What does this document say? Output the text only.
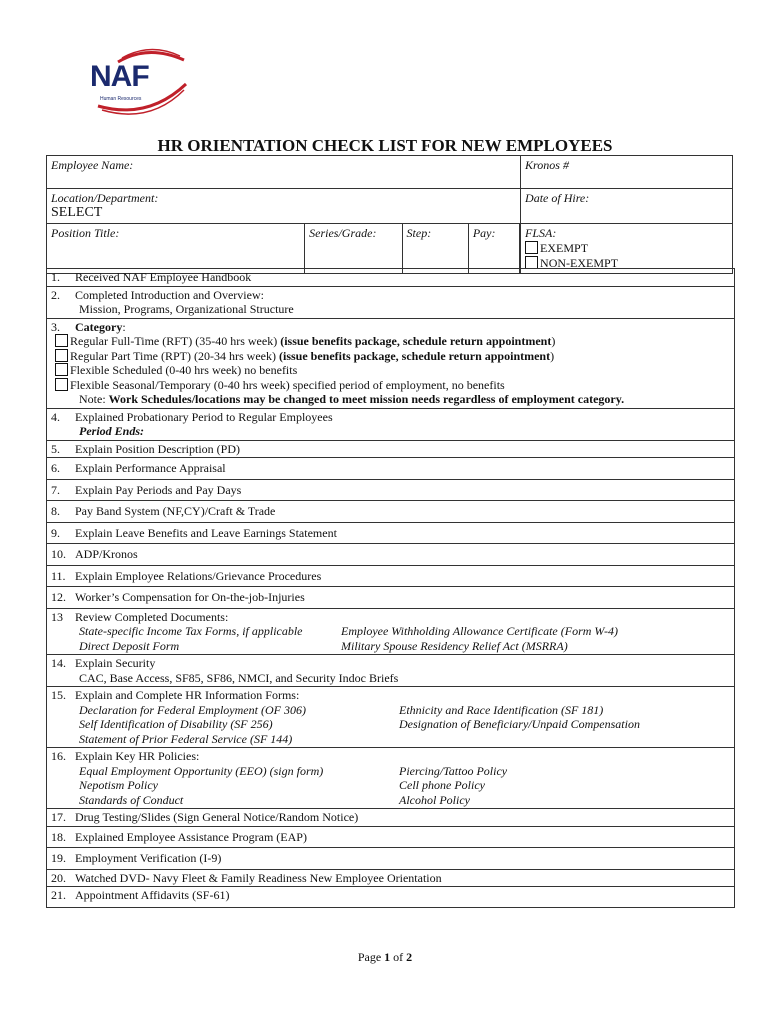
NAF
Human Resources
HR ORIENTATION CHECK LIST FOR NEW EMPLOYEES
Employee Name:				Kronos #
Location/Department:
SELECT				Date of Hire:
Position Title:	Series/Grade:	Step:	Pay:		FLSA:
EXEMPT
NON-EXEMPT
1. Received NAF Employee Handbook
2. Completed Introduction and Overview:
Mission, Programs, Organizational Structure
3. Category:
Regular Full-Time (RFT) (35-40 hrs week) (issue benefits package, schedule return appointment)
Regular Part Time (RPT) (20-34 hrs week) (issue benefits package, schedule return appointment)
Flexible Scheduled (0-40 hrs week) no benefits
Flexible Seasonal/Temporary (0-40 hrs week) specified period of employment, no benefits
Note: Work Schedules/locations may be changed to meet mission needs regardless of employment category.
4. Explained Probationary Period to Regular Employees
Period Ends:
5. Explain Position Description (PD)
6. Explain Performance Appraisal
7. Explain Pay Periods and Pay Days
8. Pay Band System (NF,CY)/Craft & Trade
9. Explain Leave Benefits and Leave Earnings Statement
10. ADP/Kronos
11. Explain Employee Relations/Grievance Procedures
12. Worker’s Compensation for On-the-job-Injuries
13 Review Completed Documents:
State-specific Income Tax Forms, if applicable	Employee Withholding Allowance Certificate (Form W-4)
Direct Deposit Form	Military Spouse Residency Relief Act (MSRRA)
14. Explain Security
CAC, Base Access, SF85, SF86, NMCI, and Security Indoc Briefs
15. Explain and Complete HR Information Forms:
Declaration for Federal Employment (OF 306)	Ethnicity and Race Identification (SF 181)
Self Identification of Disability (SF 256)	Designation of Beneficiary/Unpaid Compensation
Statement of Prior Federal Service (SF 144)
16. Explain Key HR Policies:
Equal Employment Opportunity (EEO) (sign form)	Piercing/Tattoo Policy
Nepotism Policy	Cell phone Policy
Standards of Conduct	Alcohol Policy
17. Drug Testing/Slides (Sign General Notice/Random Notice)
18. Explained Employee Assistance Program (EAP)
19. Employment Verification (I-9)
20. Watched DVD- Navy Fleet & Family Readiness New Employee Orientation
21. Appointment Affidavits (SF-61)
Page 1 of 2
